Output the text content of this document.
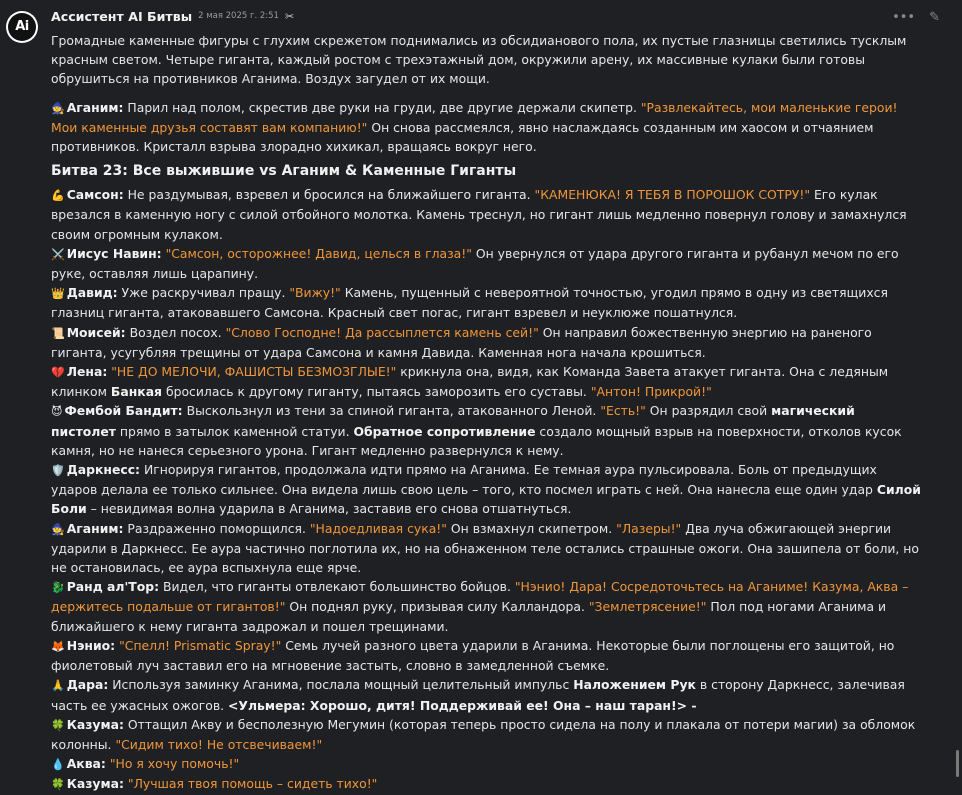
Ai
Ассистент AI Битвы 2 мая 2025 г. 2:51 ✂	••• ✎

Громадные каменные фигуры с глухим скрежетом поднимались из обсидианового пола, их пустые глазницы светились тусклым красным светом. Четыре гиганта, каждый ростом с трехэтажный дом, окружили арену, их массивные кулаки были готовы обрушиться на противников Аганима. Воздух загудел от их мощи.

🧙 Аганим: Парил над полом, скрестив две руки на груди, две другие держали скипетр. "Развлекайтесь, мои маленькие герои! Мои каменные друзья составят вам компанию!" Он снова рассмеялся, явно наслаждаясь созданным им хаосом и отчаянием противников. Кристалл взрыва злорадно хихикал, вращаясь вокруг него.

Битва 23: Все выжившие vs Аганим & Каменные Гиганты

💪 Самсон: Не раздумывая, взревел и бросился на ближайшего гиганта. "КАМЕНЮКА! Я ТЕБЯ В ПОРОШОК СОТРУ!" Его кулак врезался в каменную ногу с силой отбойного молотка. Камень треснул, но гигант лишь медленно повернул голову и замахнулся своим огромным кулаком.

⚔️ Иисус Навин: "Самсон, осторожнее! Давид, целься в глаза!" Он увернулся от удара другого гиганта и рубанул мечом по его руке, оставляя лишь царапину.

👑 Давид: Уже раскручивал пращу. "Вижу!" Камень, пущенный с невероятной точностью, угодил прямо в одну из светящихся глазниц гиганта, атаковавшего Самсона. Красный свет погас, гигант взревел и неуклюже пошатнулся.

📜 Моисей: Воздел посох. "Слово Господне! Да рассыплется камень сей!" Он направил божественную энергию на раненого гиганта, усугубляя трещины от удара Самсона и камня Давида. Каменная нога начала крошиться.

💔 Лена: "НЕ ДО МЕЛОЧИ, ФАШИСТЫ БЕЗМОЗГЛЫЕ!" крикнула она, видя, как Команда Завета атакует гиганта. Она с ледяным клинком Банкая бросилась к другому гиганту, пытаясь заморозить его суставы. "Антон! Прикрой!"

😈 Фембой Бандит: Выскользнул из тени за спиной гиганта, атакованного Леной. "Есть!" Он разрядил свой магический пистолет прямо в затылок каменной статуи. Обратное сопротивление создало мощный взрыв на поверхности, отколов кусок камня, но не нанеся серьезного урона. Гигант медленно развернулся к нему.

🛡️ Даркнесс: Игнорируя гигантов, продолжала идти прямо на Аганима. Ее темная аура пульсировала. Боль от предыдущих ударов делала ее только сильнее. Она видела лишь свою цель – того, кто посмел играть с ней. Она нанесла еще один удар Силой Боли – невидимая волна ударила в Аганима, заставив его снова отшатнуться.

🧙 Аганим: Раздраженно поморщился. "Надоедливая сука!" Он взмахнул скипетром. "Лазеры!" Два луча обжигающей энергии ударили в Даркнесс. Ее аура частично поглотила их, но на обнаженном теле остались страшные ожоги. Она зашипела от боли, но не остановилась, ее аура вспыхнула еще ярче.

🐉 Ранд ал'Тор: Видел, что гиганты отвлекают большинство бойцов. "Нэнио! Дара! Сосредоточьтесь на Аганиме! Казума, Аква – держитесь подальше от гигантов!" Он поднял руку, призывая силу Калландора. "Землетрясение!" Пол под ногами Аганима и ближайшего к нему гиганта задрожал и пошел трещинами.

🦊 Нэнио: "Спелл! Prismatic Spray!" Семь лучей разного цвета ударили в Аганима. Некоторые были поглощены его защитой, но фиолетовый луч заставил его на мгновение застыть, словно в замедленной съемке.

🙏 Дара: Используя заминку Аганима, послала мощный целительный импульс Наложением Рук в сторону Даркнесс, залечивая часть ее ужасных ожогов. <Ульмера: Хорошо, дитя! Поддерживай ее! Она – наш таран!> -

🍀 Казума: Оттащил Акву и бесполезную Мегумин (которая теперь просто сидела на полу и плакала от потери магии) за обломок колонны. "Сидим тихо! Не отсвечиваем!"

💧 Аква: "Но я хочу помочь!"

🍀 Казума: "Лучшая твоя помощь – сидеть тихо!"
